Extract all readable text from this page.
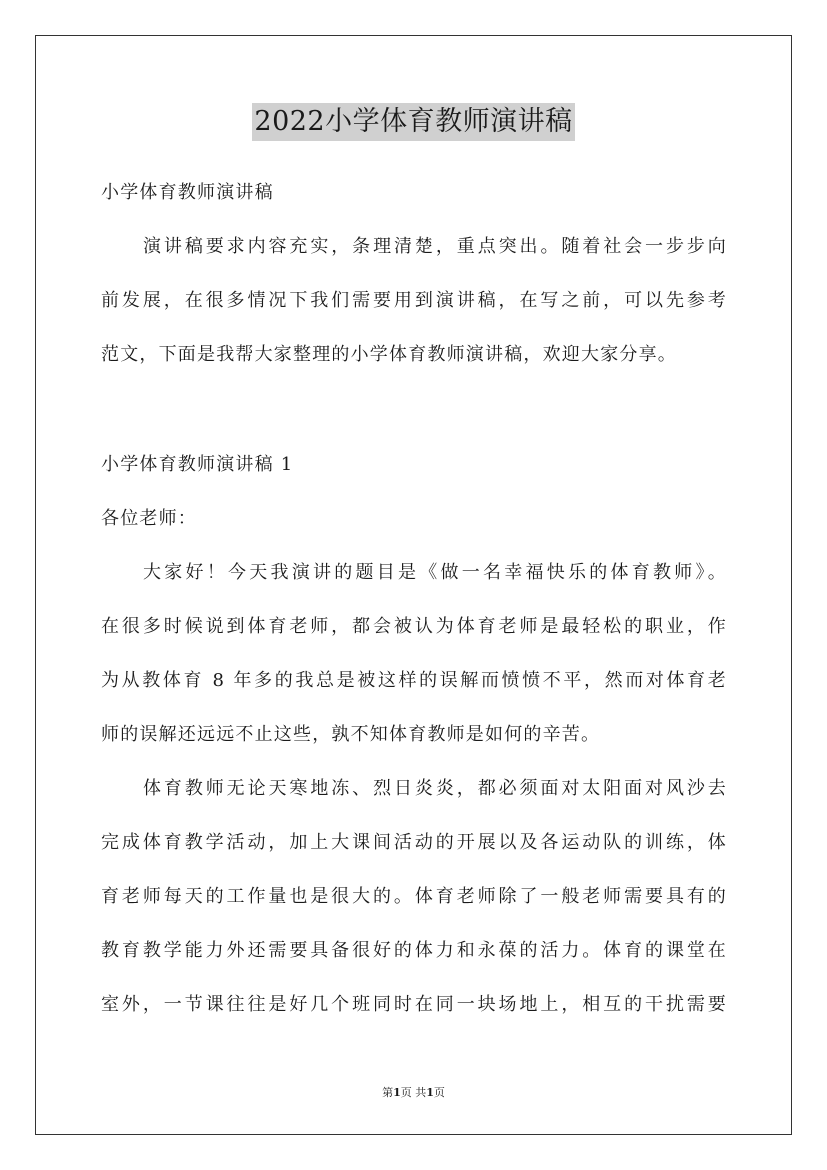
2022小学体育教师演讲稿
小学体育教师演讲稿
演讲稿要求内容充实，条理清楚，重点突出。随着社会一步步向
前发展，在很多情况下我们需要用到演讲稿，在写之前，可以先参考
范文，下面是我帮大家整理的小学体育教师演讲稿，欢迎大家分享。
小学体育教师演讲稿 1
各位老师：
大家好！今天我演讲的题目是《做一名幸福快乐的体育教师》。
在很多时候说到体育老师，都会被认为体育老师是最轻松的职业，作
为从教体育 8 年多的我总是被这样的误解而愤愤不平，然而对体育老
师的误解还远远不止这些，孰不知体育教师是如何的辛苦。
体育教师无论天寒地冻、烈日炎炎，都必须面对太阳面对风沙去
完成体育教学活动，加上大课间活动的开展以及各运动队的训练，体
育老师每天的工作量也是很大的。体育老师除了一般老师需要具有的
教育教学能力外还需要具备很好的体力和永葆的活力。体育的课堂在
室外，一节课往往是好几个班同时在同一块场地上，相互的干扰需要
第1页 共1页
